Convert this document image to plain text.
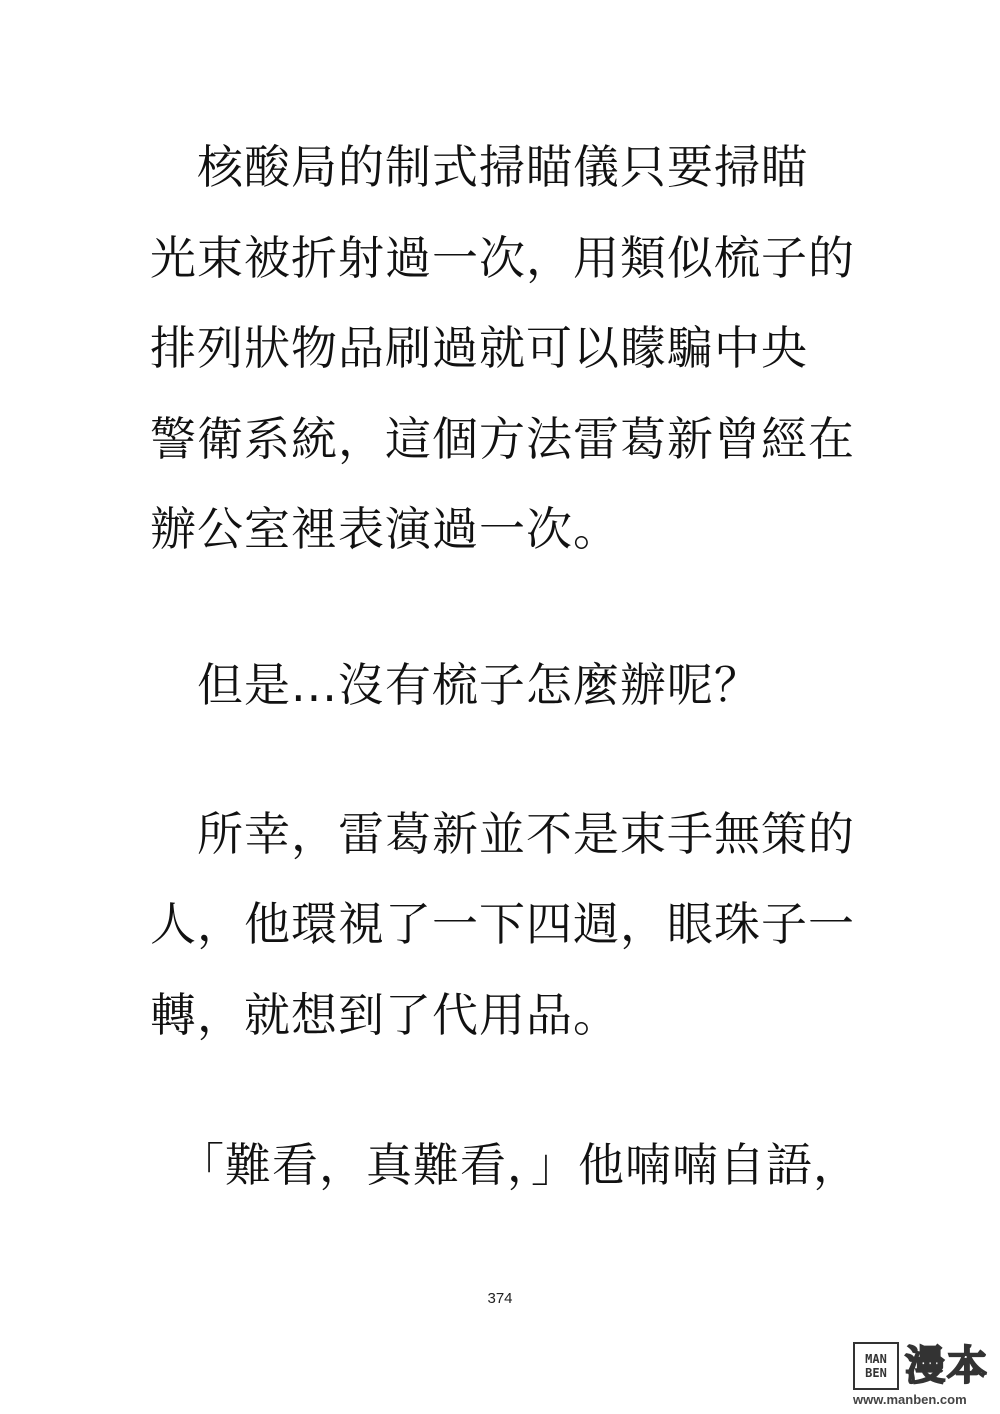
　核酸局的制式掃瞄儀只要掃瞄
光束被折射過一次，用類似梳子的
排列狀物品刷過就可以矇騙中央
警衛系統，這個方法雷葛新曾經在
辦公室裡表演過一次。
　但是...沒有梳子怎麼辦呢？
　所幸，雷葛新並不是束手無策的
人，他環視了一下四週，眼珠子一
轉，就想到了代用品。
「難看，真難看，」他喃喃自語，
374
MAN
BEN 漫本
www.manben.com
